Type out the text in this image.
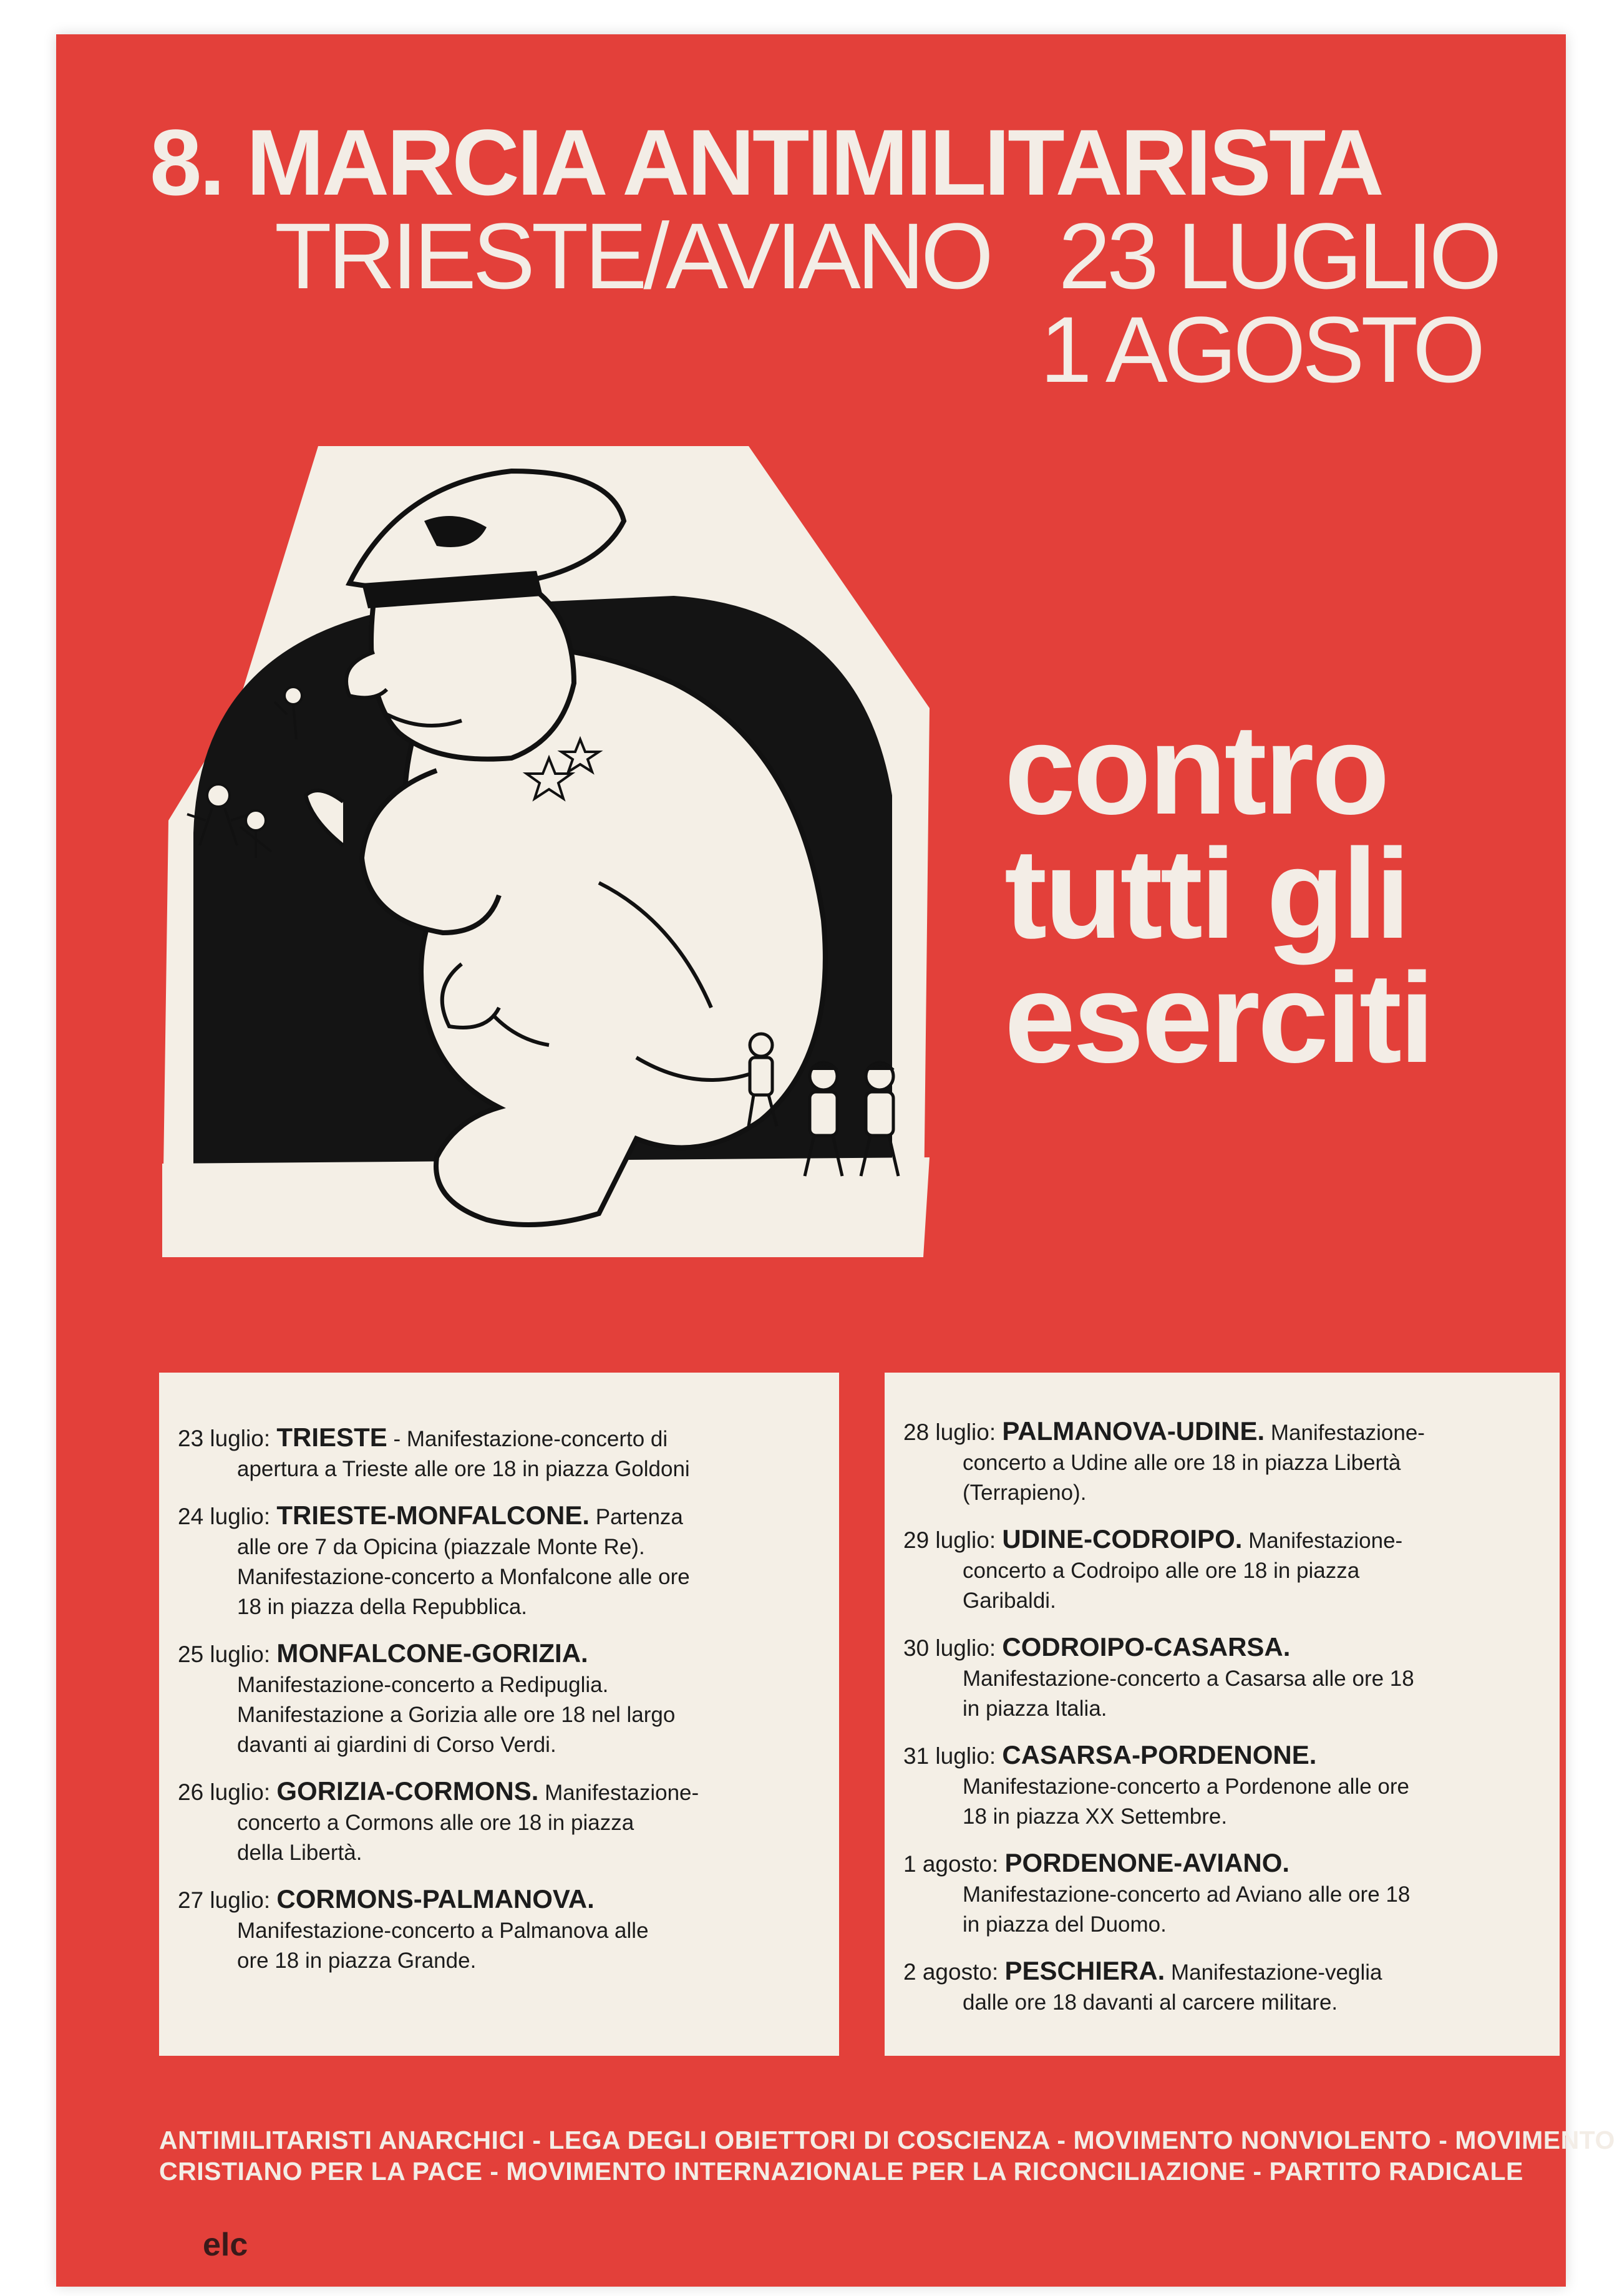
8. MARCIA ANTIMILITARISTA
TRIESTE/AVIANO 23 LUGLIO
1 AGOSTO
contro
tutti gli
eserciti
23 luglio: TRIESTE - Manifestazione-concerto di
apertura a Trieste alle ore 18 in piazza Goldoni
24 luglio: TRIESTE-MONFALCONE. Partenza
alle ore 7 da Opicina (piazzale Monte Re).
Manifestazione-concerto a Monfalcone alle ore
18 in piazza della Repubblica.
25 luglio: MONFALCONE-GORIZIA.
Manifestazione-concerto a Redipuglia.
Manifestazione a Gorizia alle ore 18 nel largo
davanti ai giardini di Corso Verdi.
26 luglio: GORIZIA-CORMONS. Manifestazione-
concerto a Cormons alle ore 18 in piazza
della Libertà.
27 luglio: CORMONS-PALMANOVA.
Manifestazione-concerto a Palmanova alle
ore 18 in piazza Grande.
28 luglio: PALMANOVA-UDINE. Manifestazione-
concerto a Udine alle ore 18 in piazza Libertà
(Terrapieno).
29 luglio: UDINE-CODROIPO. Manifestazione-
concerto a Codroipo alle ore 18 in piazza
Garibaldi.
30 luglio: CODROIPO-CASARSA.
Manifestazione-concerto a Casarsa alle ore 18
in piazza Italia.
31 luglio: CASARSA-PORDENONE.
Manifestazione-concerto a Pordenone alle ore
18 in piazza XX Settembre.
1 agosto: PORDENONE-AVIANO.
Manifestazione-concerto ad Aviano alle ore 18
in piazza del Duomo.
2 agosto: PESCHIERA. Manifestazione-veglia
dalle ore 18 davanti al carcere militare.
ANTIMILITARISTI ANARCHICI - LEGA DEGLI OBIETTORI DI COSCIENZA - MOVIMENTO NONVIOLENTO - MOVIMENTO
CRISTIANO PER LA PACE - MOVIMENTO INTERNAZIONALE PER LA RICONCILIAZIONE - PARTITO RADICALE
elc
